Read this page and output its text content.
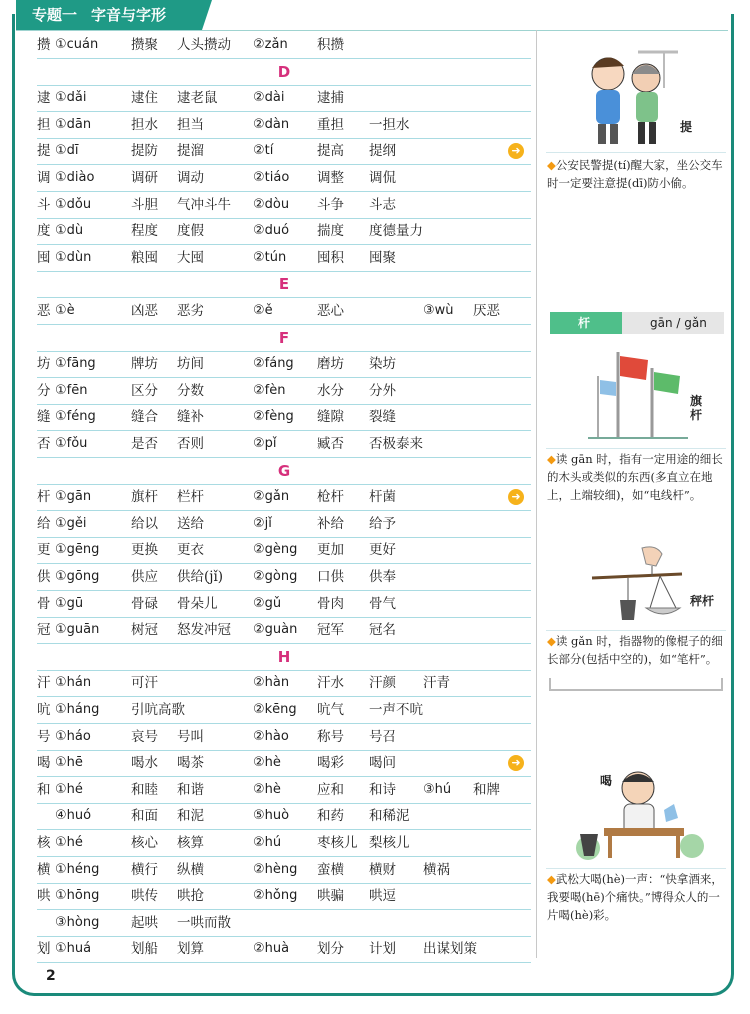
专题一 字音与字形
攒 ①cuán 攒聚 人头攒动 ②zǎn 积攒
D
逮 ①dǎi	逮住 逮老鼠	②dài 逮捕
担 ①dān	担水 担当	②dàn 重担 一担水
➜
提 ①dī	提防 提溜	②tí	提高 提纲
调 ①diào	调研 调动	②tiáo 调整 调侃
斗 ①dǒu	斗胆 气冲斗牛 ②dòu 斗争 斗志
度 ①dù	程度 度假	②duó 揣度 度德量力
囤 ①dùn	粮囤 大囤	②tún 囤积 囤聚
E
恶 ①è	凶恶 恶劣	②ě	恶心	③wù 厌恶
F
坊 ①fāng	牌坊 坊间	②fáng 磨坊 染坊
分 ①fēn	区分 分数	②fèn 水分 分外
缝 ①féng	缝合 缝补	②fèng 缝隙 裂缝
否 ①fǒu	是否 否则	②pǐ	臧否 否极泰来
G
➜
杆 ①gān	旗杆 栏杆	②gǎn 枪杆 杆菌
给 ①gěi	给以 送给	②jǐ	补给 给予
更 ①gēng 更换 更衣	②gèng 更加 更好
供 ①gōng 供应 供给(jǐ) ②gòng 口供 供奉
骨 ①gū	骨碌 骨朵儿	②gǔ	骨肉 骨气
冠 ①guān 树冠 怒发冲冠 ②guàn 冠军 冠名
H
汗 ①hán	可汗	②hàn 汗水 汗颜 汗青
吭 ①háng 引吭高歌	②kēng 吭气 一声不吭
号 ①háo	哀号 号叫	②hào 称号 号召
➜
喝 ①hē	喝水 喝茶	②hè	喝彩 喝问
和 ①hé	和睦 和谐	②hè	应和 和诗 ③hú 和牌
④huó	和面 和泥	⑤huò 和药 和稀泥
核 ①hé	核心 核算	②hú	枣核儿 梨核儿
横 ①héng 横行 纵横	②hèng 蛮横 横财 横祸
哄 ①hōng 哄传 哄抢	②hǒng 哄骗 哄逗
③hòng 起哄 一哄而散
划 ①huá	划船 划算	②huà 划分 计划 出谋划策
提
◆公安民警提(tí)醒大家，坐公交车时一定要注意提(dī)防小偷。
杆	gān / gǎn
旗杆
◆读 gān 时，指有一定用途的细长的木头或类似的东西(多直立在地上，上端较细)，如“电线杆”。
秤杆
◆读 gǎn 时，指器物的像棍子的细长部分(包括中空的)，如“笔杆”。
喝
◆武松大喝(hè)一声：“快拿酒来，我要喝(hē)个痛快。”博得众人的一片喝(hè)彩。
2
